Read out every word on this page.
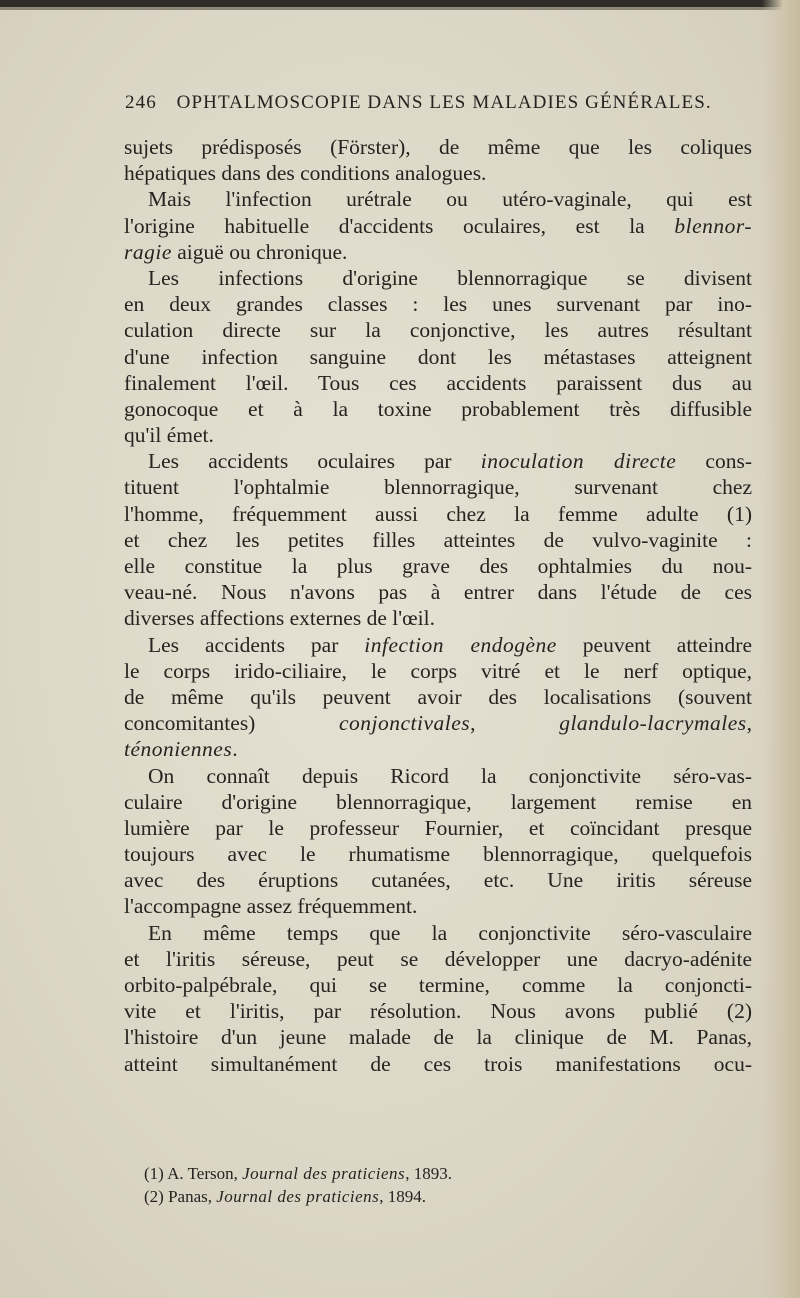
246 OPHTALMOSCOPIE DANS LES MALADIES GÉNÉRALES.
sujets prédisposés (Förster), de même que les coliques
hépatiques dans des conditions analogues.
Mais l'infection urétrale ou utéro-vaginale, qui est
l'origine habituelle d'accidents oculaires, est la blennor-
ragie aiguë ou chronique.
Les infections d'origine blennorragique se divisent
en deux grandes classes : les unes survenant par ino-
culation directe sur la conjonctive, les autres résultant
d'une infection sanguine dont les métastases atteignent
finalement l'œil. Tous ces accidents paraissent dus au
gonocoque et à la toxine probablement très diffusible
qu'il émet.
Les accidents oculaires par inoculation directe cons-
tituent l'ophtalmie blennorragique, survenant chez
l'homme, fréquemment aussi chez la femme adulte (1)
et chez les petites filles atteintes de vulvo-vaginite :
elle constitue la plus grave des ophtalmies du nou-
veau-né. Nous n'avons pas à entrer dans l'étude de ces
diverses affections externes de l'œil.
Les accidents par infection endogène peuvent atteindre
le corps irido-ciliaire, le corps vitré et le nerf optique,
de même qu'ils peuvent avoir des localisations (souvent
concomitantes) conjonctivales, glandulo-lacrymales,
ténoniennes.
On connaît depuis Ricord la conjonctivite séro-vas-
culaire d'origine blennorragique, largement remise en
lumière par le professeur Fournier, et coïncidant presque
toujours avec le rhumatisme blennorragique, quelquefois
avec des éruptions cutanées, etc. Une iritis séreuse
l'accompagne assez fréquemment.
En même temps que la conjonctivite séro-vasculaire
et l'iritis séreuse, peut se développer une dacryo-adénite
orbito-palpébrale, qui se termine, comme la conjoncti-
vite et l'iritis, par résolution. Nous avons publié (2)
l'histoire d'un jeune malade de la clinique de M. Panas,
atteint simultanément de ces trois manifestations ocu-
(1) A. Terson, Journal des praticiens, 1893.
(2) Panas, Journal des praticiens, 1894.
